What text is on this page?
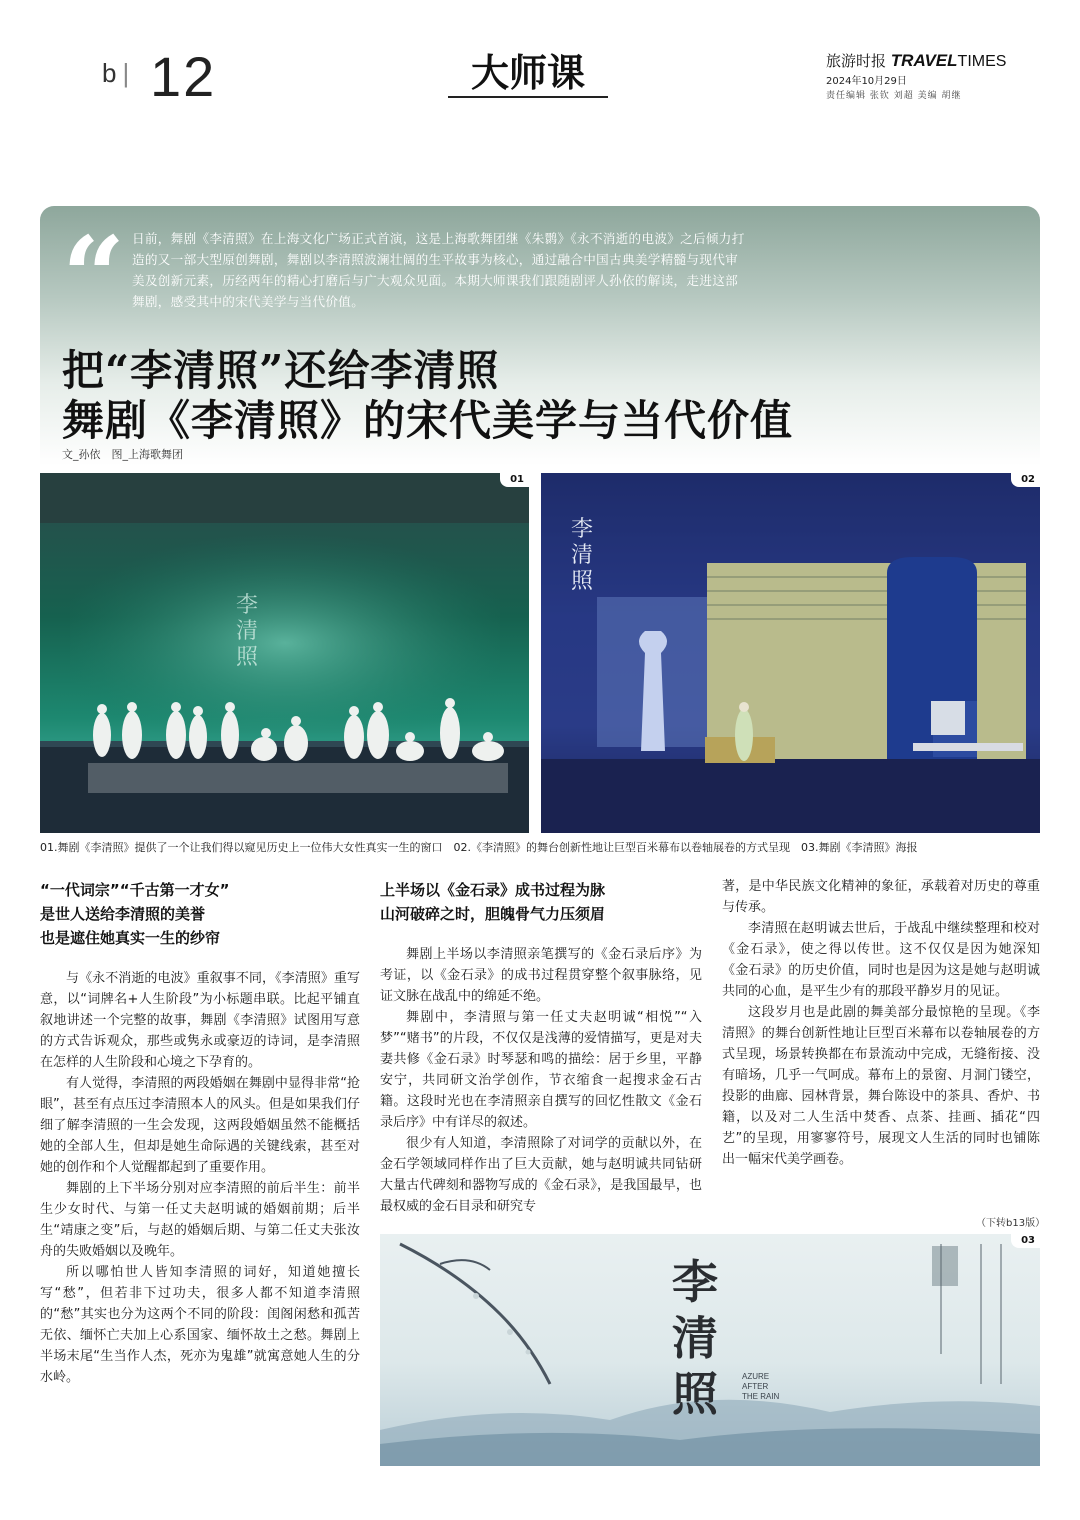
b| 12	大师课	旅游时报 TRAVELTIMES
2024年10月29日
责任编辑 张钦 刘超 美编 胡继
“ 日前，舞剧《李清照》在上海文化广场正式首演，这是上海歌舞团继《朱鹮》《永不消逝的电波》之后倾力打造的又一部大型原创舞剧，舞剧以李清照波澜壮阔的生平故事为核心，通过融合中国古典美学精髓与现代审美及创新元素，历经两年的精心打磨后与广大观众见面。本期大师课我们跟随剧评人孙依的解读，走进这部舞剧，感受其中的宋代美学与当代价值。
把“李清照”还给李清照
舞剧《李清照》的宋代美学与当代价值
文_孙依　图_上海歌舞团
李清照
01
李清照
02
01.舞剧《李清照》提供了一个让我们得以窥见历史上一位伟大女性真实一生的窗口　02.《李清照》的舞台创新性地让巨型百米幕布以卷轴展卷的方式呈现　03.舞剧《李清照》海报
“一代词宗”“千古第一才女”
是世人送给李清照的美誉
也是遮住她真实一生的纱帘

与《永不消逝的电波》重叙事不同，《李清照》重写意，以“词牌名+人生阶段”为小标题串联。比起平铺直叙地讲述一个完整的故事，舞剧《李清照》试图用写意的方式告诉观众，那些或隽永或豪迈的诗词，是李清照在怎样的人生阶段和心境之下孕育的。

有人觉得，李清照的两段婚姻在舞剧中显得非常“抢眼”，甚至有点压过李清照本人的风头。但是如果我们仔细了解李清照的一生会发现，这两段婚姻虽然不能概括她的全部人生，但却是她生命际遇的关键线索，甚至对她的创作和个人觉醒都起到了重要作用。

舞剧的上下半场分别对应李清照的前后半生：前半生少女时代、与第一任丈夫赵明诚的婚姻前期；后半生“靖康之变”后，与赵的婚姻后期、与第二任丈夫张汝舟的失败婚姻以及晚年。

所以哪怕世人皆知李清照的词好，知道她擅长写“愁”，但若非下过功夫，很多人都不知道李清照的“愁”其实也分为这两个不同的阶段：闺阁闲愁和孤苦无依、缅怀亡夫加上心系国家、缅怀故土之愁。舞剧上半场末尾“生当作人杰，死亦为鬼雄”就寓意她人生的分水岭。

上半场以《金石录》成书过程为脉
山河破碎之时，胆魄骨气力压须眉

舞剧上半场以李清照亲笔撰写的《金石录后序》为考证，以《金石录》的成书过程贯穿整个叙事脉络，见证文脉在战乱中的绵延不绝。

舞剧中，李清照与第一任丈夫赵明诚“相悦”“入梦”“赌书”的片段，不仅仅是浅薄的爱情描写，更是对夫妻共修《金石录》时琴瑟和鸣的描绘：居于乡里，平静安宁，共同研文治学创作，节衣缩食一起搜求金石古籍。这段时光也在李清照亲自撰写的回忆性散文《金石录后序》中有详尽的叙述。

很少有人知道，李清照除了对词学的贡献以外，在金石学领域同样作出了巨大贡献，她与赵明诚共同钻研大量古代碑刻和器物写成的《金石录》，是我国最早，也最权威的金石目录和研究专

著，是中华民族文化精神的象征，承载着对历史的尊重与传承。

李清照在赵明诚去世后，于战乱中继续整理和校对《金石录》，使之得以传世。这不仅仅是因为她深知《金石录》的历史价值，同时也是因为这是她与赵明诚共同的心血，是平生少有的那段平静岁月的见证。

这段岁月也是此剧的舞美部分最惊艳的呈现。《李清照》的舞台创新性地让巨型百米幕布以卷轴展卷的方式呈现，场景转换都在布景流动中完成，无缝衔接、没有暗场，几乎一气呵成。幕布上的景窗、月洞门镂空，投影的曲廊、园林背景，舞台陈设中的茶具、香炉、书籍，以及对二人生活中焚香、点茶、挂画、插花“四艺”的呈现，用寥寥符号，展现文人生活的同时也铺陈出一幅宋代美学画卷。

（下转b13版）
李清照	AZURE AFTER THE RAIN
03
